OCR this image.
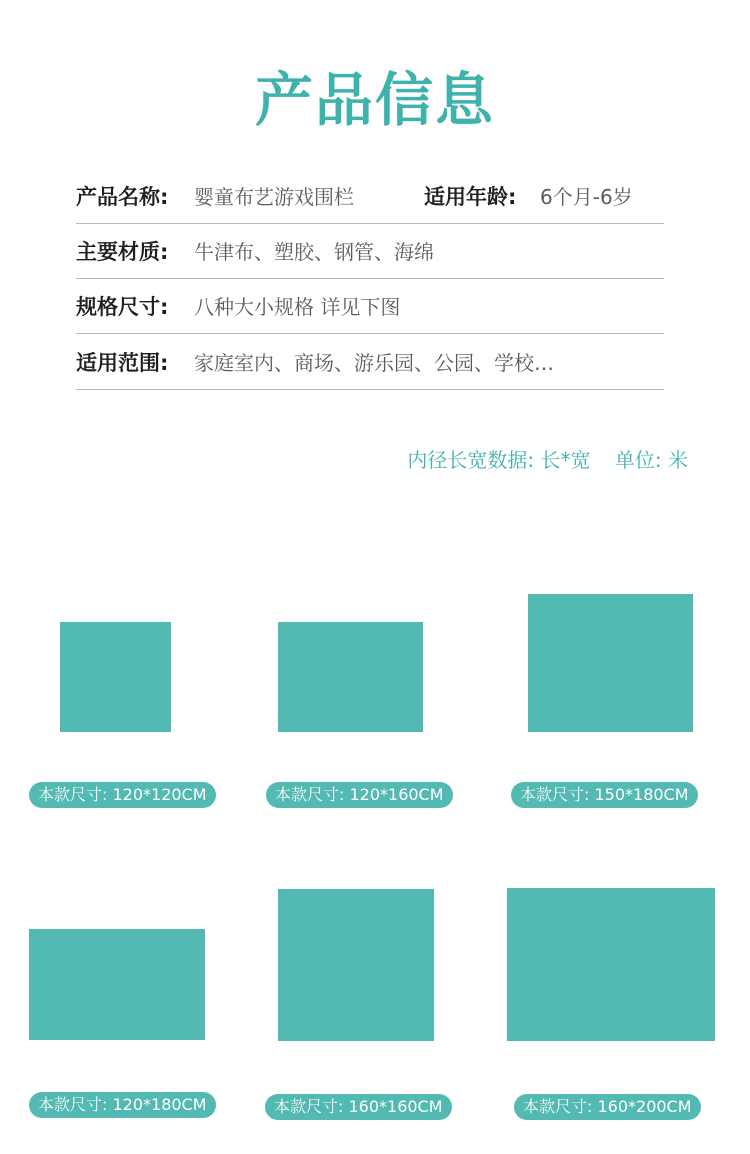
产品信息
产品名称: 婴童布艺游戏围栏	适用年龄: 6个月-6岁
主要材质: 牛津布、塑胶、钢管、海绵
规格尺寸: 八种大小规格 详见下图
适用范围: 家庭室内、商场、游乐园、公园、学校…
内径长宽数据: 长*宽 单位: 米
本款尺寸: 120*120CM	本款尺寸: 120*160CM	本款尺寸: 150*180CM
本款尺寸: 120*180CM	本款尺寸: 160*160CM	本款尺寸: 160*200CM
